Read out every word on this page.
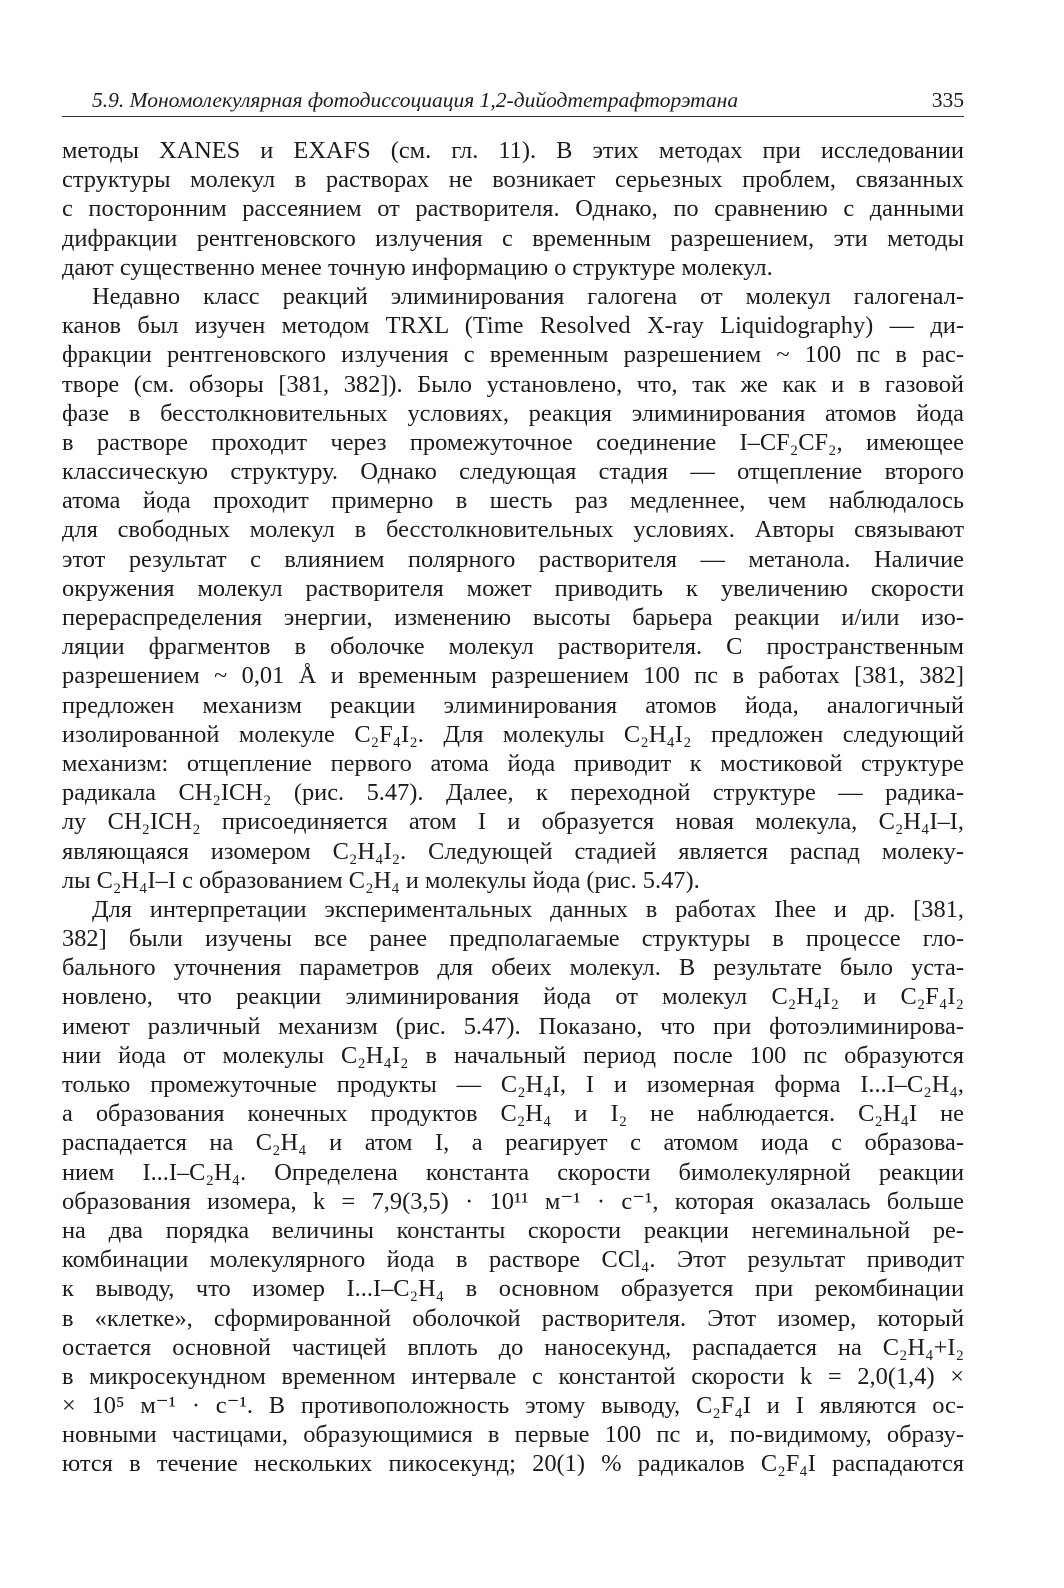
5.9. Мономолекулярная фотодиссоциация 1,2-дийодтетрафторэтана	335

методы XANES и EXAFS (см. гл. 11). В этих методах при исследовании
структуры молекул в растворах не возникает серьезных проблем, связанных
с посторонним рассеянием от растворителя. Однако, по сравнению с данными
дифракции рентгеновского излучения с временным разрешением, эти методы
дают существенно менее точную информацию о структуре молекул.

Недавно класс реакций элиминирования галогена от молекул галогенал-
канов был изучен методом TRXL (Time Resolved X-ray Liquidography) — ди-
фракции рентгеновского излучения с временным разрешением ~ 100 пс в рас-
творе (см. обзоры [381, 382]). Было установлено, что, так же как и в газовой
фазе в бесстолкновительных условиях, реакция элиминирования атомов йода
в растворе проходит через промежуточное соединение I–CF₂CF₂, имеющее
классическую структуру. Однако следующая стадия — отщепление второго
атома йода проходит примерно в шесть раз медленнее, чем наблюдалось
для свободных молекул в бесстолкновительных условиях. Авторы связывают
этот результат с влиянием полярного растворителя — метанола. Наличие
окружения молекул растворителя может приводить к увеличению скорости
перераспределения энергии, изменению высоты барьера реакции и/или изо-
ляции фрагментов в оболочке молекул растворителя. С пространственным
разрешением ~ 0,01 Å и временным разрешением 100 пс в работах [381, 382]
предложен механизм реакции элиминирования атомов йода, аналогичный
изолированной молекуле C₂F₄I₂. Для молекулы C₂H₄I₂ предложен следующий
механизм: отщепление первого атома йода приводит к мостиковой структуре
радикала CH₂ICH₂ (рис. 5.47). Далее, к переходной структуре — радика-
лу CH₂ICH₂ присоединяется атом I и образуется новая молекула, C₂H₄I–I,
являющаяся изомером C₂H₄I₂. Следующей стадией является распад молеку-
лы C₂H₄I–I с образованием C₂H₄ и молекулы йода (рис. 5.47).

Для интерпретации экспериментальных данных в работах Ihee и др. [381,
382] были изучены все ранее предполагаемые структуры в процессе гло-
бального уточнения параметров для обеих молекул. В результате было уста-
новлено, что реакции элиминирования йода от молекул C₂H₄I₂ и C₂F₄I₂
имеют различный механизм (рис. 5.47). Показано, что при фотоэлиминирова-
нии йода от молекулы C₂H₄I₂ в начальный период после 100 пс образуются
только промежуточные продукты — C₂H₄I, I и изомерная форма I...I–C₂H₄,
а образования конечных продуктов C₂H₄ и I₂ не наблюдается. C₂H₄I не
распадается на C₂H₄ и атом I, а реагирует с атомом иода с образова-
нием I...I–C₂H₄. Определена константа скорости бимолекулярной реакции
образования изомера, k = 7,9(3,5) · 10¹¹ м⁻¹ · c⁻¹, которая оказалась больше
на два порядка величины константы скорости реакции негеминальной ре-
комбинации молекулярного йода в растворе CCl₄. Этот результат приводит
к выводу, что изомер I...I–C₂H₄ в основном образуется при рекомбинации
в «клетке», сформированной оболочкой растворителя. Этот изомер, который
остается основной частицей вплоть до наносекунд, распадается на C₂H₄+I₂
в микросекундном временном интервале с константой скорости k = 2,0(1,4) ×
× 10⁵ м⁻¹ · c⁻¹. В противоположность этому выводу, C₂F₄I и I являются ос-
новными частицами, образующимися в первые 100 пс и, по-видимому, образу-
ются в течение нескольких пикосекунд; 20(1) % радикалов C₂F₄I распадаются
